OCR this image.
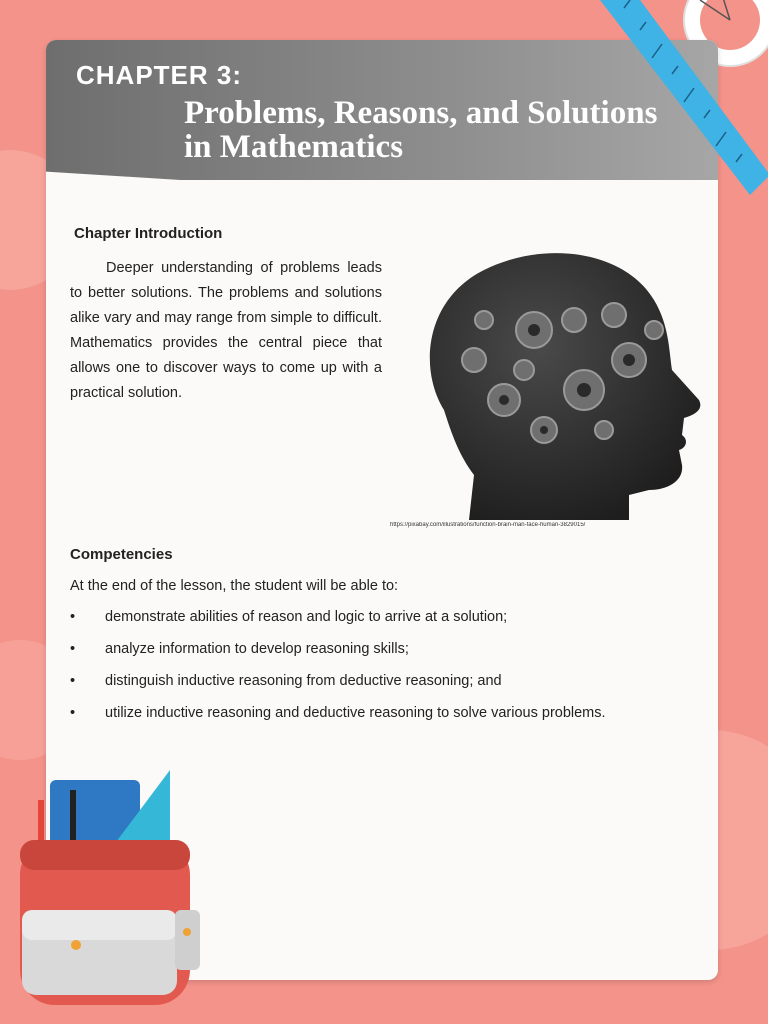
CHAPTER 3:
Problems, Reasons, and Solutions
in Mathematics
Chapter Introduction

Deeper understanding of problems leads to better solutions. The problems and solutions alike vary and may range from simple to difficult. Mathematics provides the central piece that allows one to discover ways to come up with a practical solution.

https://pixabay.com/illustrations/function-brain-man-face-human-3829015/
Competencies
At the end of the lesson, the student will be able to:
• demonstrate abilities of reason and logic to arrive at a solution;
• analyze information to develop reasoning skills;
• distinguish inductive reasoning from deductive reasoning; and
• utilize inductive reasoning and deductive reasoning to solve various problems.
